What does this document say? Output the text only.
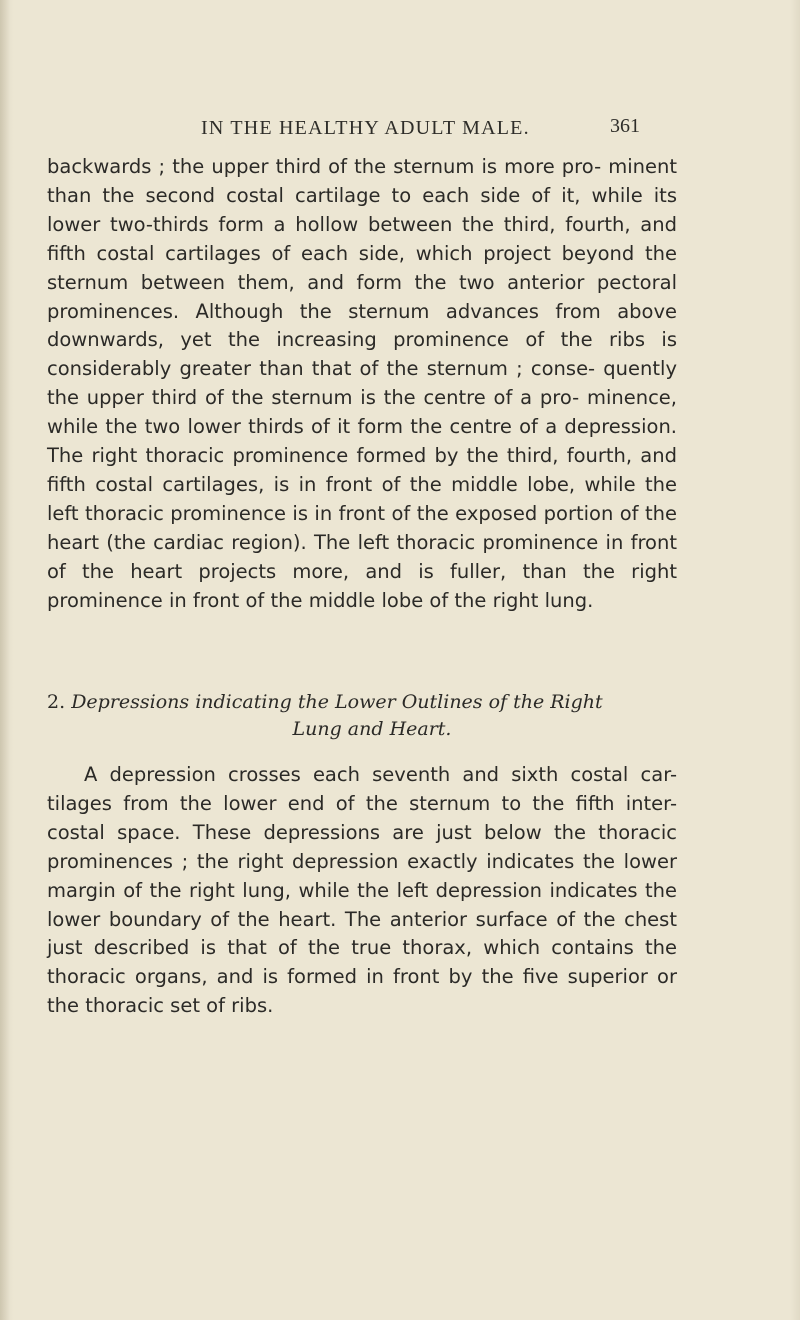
IN THE HEALTHY ADULT MALE.	361

backwards ; the upper third of the sternum is more pro- minent than the second costal cartilage to each side of it, while its lower two-thirds form a hollow between the third, fourth, and fifth costal cartilages of each side, which project beyond the sternum between them, and form the two anterior pectoral prominences. Although the sternum advances from above downwards, yet the increasing prominence of the ribs is considerably greater than that of the sternum ; conse- quently the upper third of the sternum is the centre of a pro- minence, while the two lower thirds of it form the centre of a depression. The right thoracic prominence formed by the third, fourth, and fifth costal cartilages, is in front of the middle lobe, while the left thoracic prominence is in front of the exposed portion of the heart (the cardiac region). The left thoracic prominence in front of the heart projects more, and is fuller, than the right prominence in front of the middle lobe of the right lung.

2. Depressions indicating the Lower Outlines of the Right
Lung and Heart.

A depression crosses each seventh and sixth costal car- tilages from the lower end of the sternum to the fifth inter- costal space. These depressions are just below the thoracic prominences ; the right depression exactly indicates the lower margin of the right lung, while the left depression indicates the lower boundary of the heart. The anterior surface of the chest just described is that of the true thorax, which contains the thoracic organs, and is formed in front by the five superior or the thoracic set of ribs.
